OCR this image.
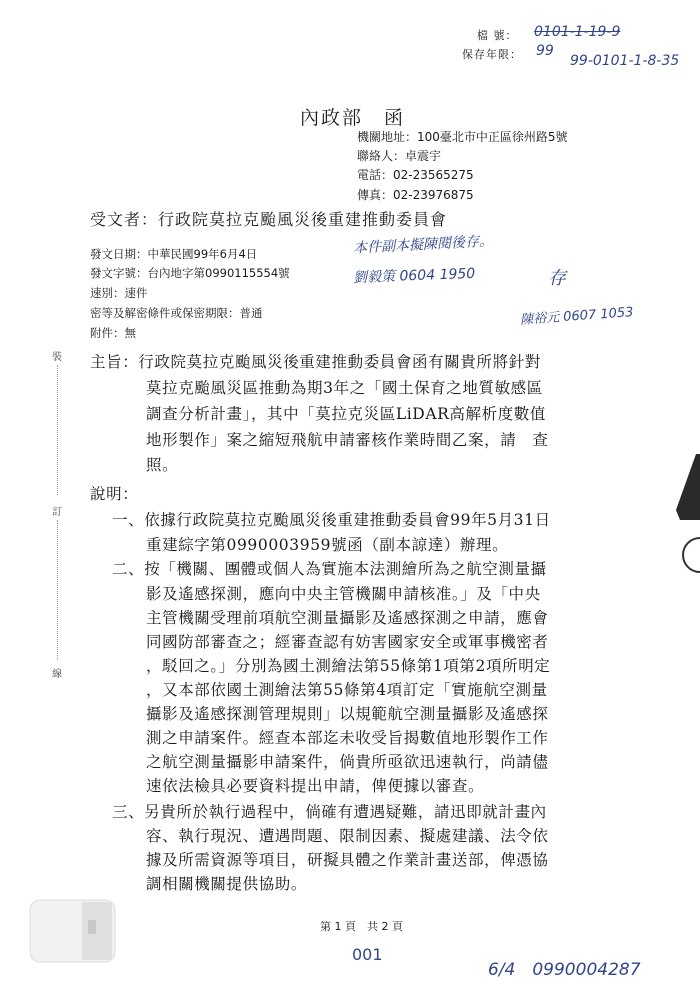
檔 號： 0101-1-19-9
保存年限： 99
99-0101-1-8-35
內政部　函
機關地址：100臺北市中正區徐州路5號
聯絡人：卓震宇
電話：02-23565275
傳真：02-23976875
受文者：行政院莫拉克颱風災後重建推動委員會
發文日期：中華民國99年6月4日
發文字號：台內地字第0990115554號
速別：速件
密等及解密條件或保密期限：普通
附件：無
本件副本擬陳閱後存。
劉毅策 0604 1950	存
陳裕元 0607 1053
裝
訂
線
主旨：行政院莫拉克颱風災後重建推動委員會函有關貴所將針對
莫拉克颱風災區推動為期3年之「國土保育之地質敏感區
調查分析計畫」，其中「莫拉克災區LiDAR高解析度數值
地形製作」案之縮短飛航申請審核作業時間乙案，請　查
照。
說明：
一、依據行政院莫拉克颱風災後重建推動委員會99年5月31日
重建綜字第0990003959號函（副本諒達）辦理。
二、按「機關、團體或個人為實施本法測繪所為之航空測量攝
影及遙感探測，應向中央主管機關申請核准。」及「中央
主管機關受理前項航空測量攝影及遙感探測之申請，應會
同國防部審查之；經審查認有妨害國家安全或軍事機密者
，駁回之。」分別為國土測繪法第55條第1項第2項所明定
，又本部依國土測繪法第55條第4項訂定「實施航空測量
攝影及遙感探測管理規則」以規範航空測量攝影及遙感探
測之申請案件。經查本部迄未收受旨揭數值地形製作工作
之航空測量攝影申請案件，倘貴所亟欲迅速執行，尚請儘
速依法檢具必要資料提出申請，俾便據以審查。
三、另貴所於執行過程中，倘確有遭遇疑難，請迅即就計畫內
容、執行現況、遭遇問題、限制因素、擬處建議、法令依
據及所需資源等項目，研擬具體之作業計畫送部，俾憑協
調相關機關提供協助。
第 1 頁　共 2 頁
001
6/4　0990004287
